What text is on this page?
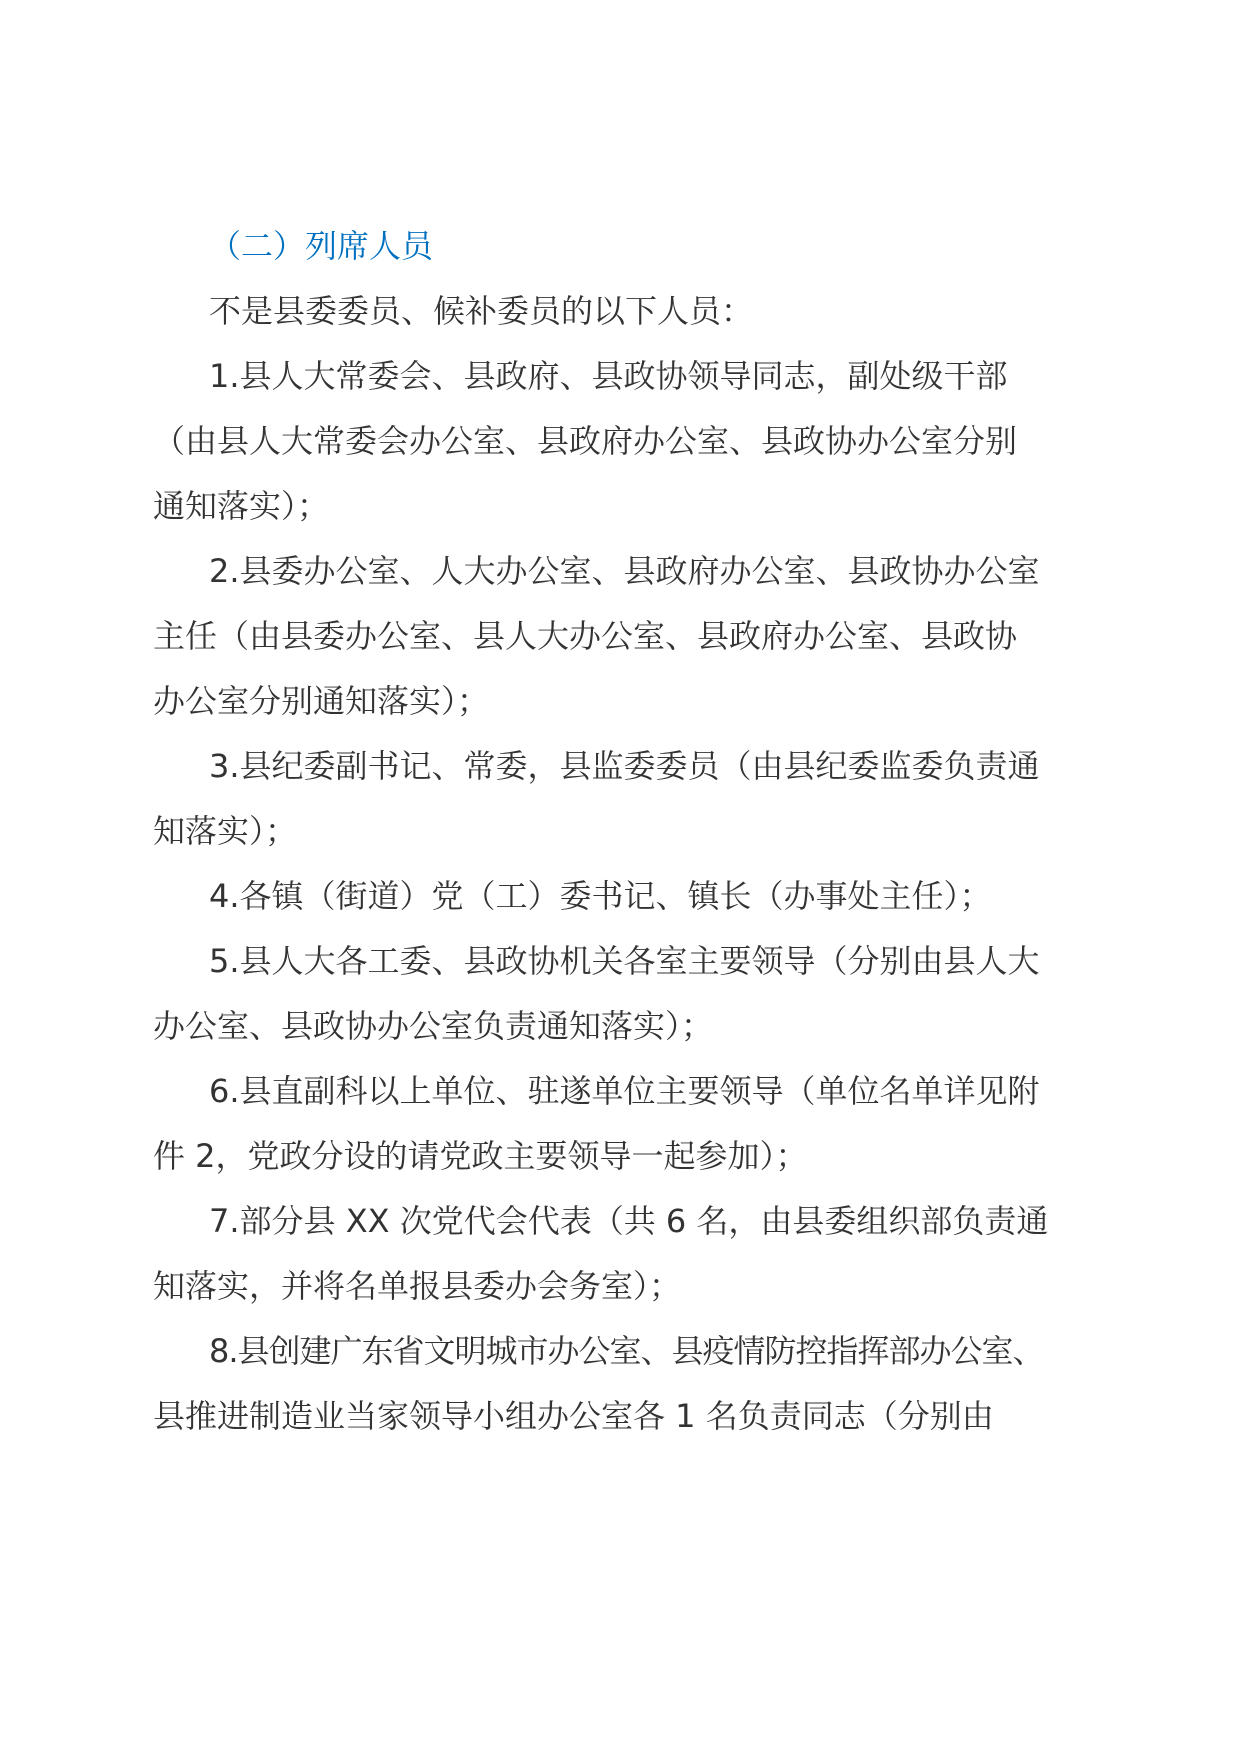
（二）列席人员

不是县委委员、候补委员的以下人员：

1.县人大常委会、县政府、县政协领导同志，副处级干部

（由县人大常委会办公室、县政府办公室、县政协办公室分别

通知落实）；

2.县委办公室、人大办公室、县政府办公室、县政协办公室

主任（由县委办公室、县人大办公室、县政府办公室、县政协

办公室分别通知落实）；

3.县纪委副书记、常委，县监委委员（由县纪委监委负责通

知落实）；

4.各镇（街道）党（工）委书记、镇长（办事处主任）；

5.县人大各工委、县政协机关各室主要领导（分别由县人大

办公室、县政协办公室负责通知落实）；

6.县直副科以上单位、驻遂单位主要领导（单位名单详见附

件 2，党政分设的请党政主要领导一起参加）；

7.部分县 XX 次党代会代表（共 6 名，由县委组织部负责通

知落实，并将名单报县委办会务室）；

8.县创建广东省文明城市办公室、县疫情防控指挥部办公室、

县推进制造业当家领导小组办公室各 1 名负责同志（分别由
